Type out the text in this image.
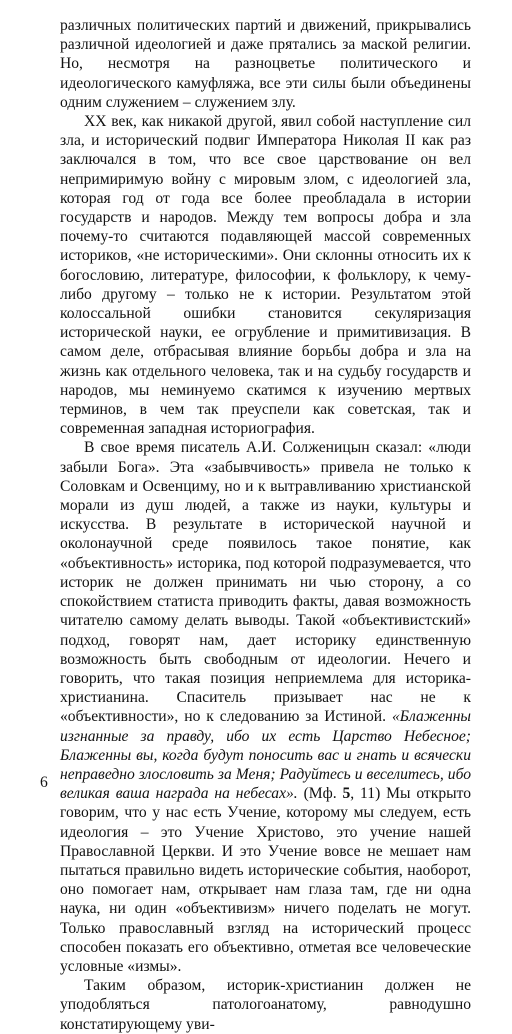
различных политических партий и движений, прикрывались различной идеологией и даже прятались за маской религии. Но, несмотря на разноцветье политического и идеологического камуфляжа, все эти силы были объединены одним служением – служением злу.

XX век, как никакой другой, явил собой наступление сил зла, и исторический подвиг Императора Николая II как раз заключался в том, что все свое царствование он вел непримиримую войну с мировым злом, с идеологией зла, которая год от года все более преобладала в истории государств и народов. Между тем вопросы добра и зла почему-то считаются подавляющей массой современных историков, «не историческими». Они склонны относить их к богословию, литературе, философии, к фольклору, к чему-либо другому – только не к истории. Результатом этой колоссальной ошибки становится секуляризация исторической науки, ее огрубление и примитивизация. В самом деле, отбрасывая влияние борьбы добра и зла на жизнь как отдельного человека, так и на судьбу государств и народов, мы неминуемо скатимся к изучению мертвых терминов, в чем так преуспели как советская, так и современная западная историография.

В свое время писатель А.И. Солженицын сказал: «люди забыли Бога». Эта «забывчивость» привела не только к Соловкам и Освенциму, но и к вытравливанию христианской морали из душ людей, а также из науки, культуры и искусства. В результате в исторической научной и околонаучной среде появилось такое понятие, как «объективность» историка, под которой подразумевается, что историк не должен принимать ни чью сторону, а со спокойствием статиста приводить факты, давая возможность читателю самому делать выводы. Такой «объективистский» подход, говорят нам, дает историку единственную возможность быть свободным от идеологии. Нечего и говорить, что такая позиция неприемлема для историка-христианина. Спаситель призывает нас не к «объективности», но к следованию за Истиной. «Блаженны изгнанные за правду, ибо их есть Царство Небесное; Блаженны вы, когда будут поносить вас и гнать и всячески неправедно злословить за Меня; Радуйтесь и веселитесь, ибо великая ваша награда на небесах». (Мф. 5, 11) Мы открыто говорим, что у нас есть Учение, которому мы следуем, есть идеология – это Учение Христово, это учение нашей Православной Церкви. И это Учение вовсе не мешает нам пытаться правильно видеть исторические события, наоборот, оно помогает нам, открывает нам глаза там, где ни одна наука, ни один «объективизм» ничего поделать не могут. Только православный взгляд на исторический процесс способен показать его объективно, отметая все человеческие условные «измы».

Таким образом, историк-христианин должен не уподобляться патологоанатому, равнодушно констатирующему уви-

6
